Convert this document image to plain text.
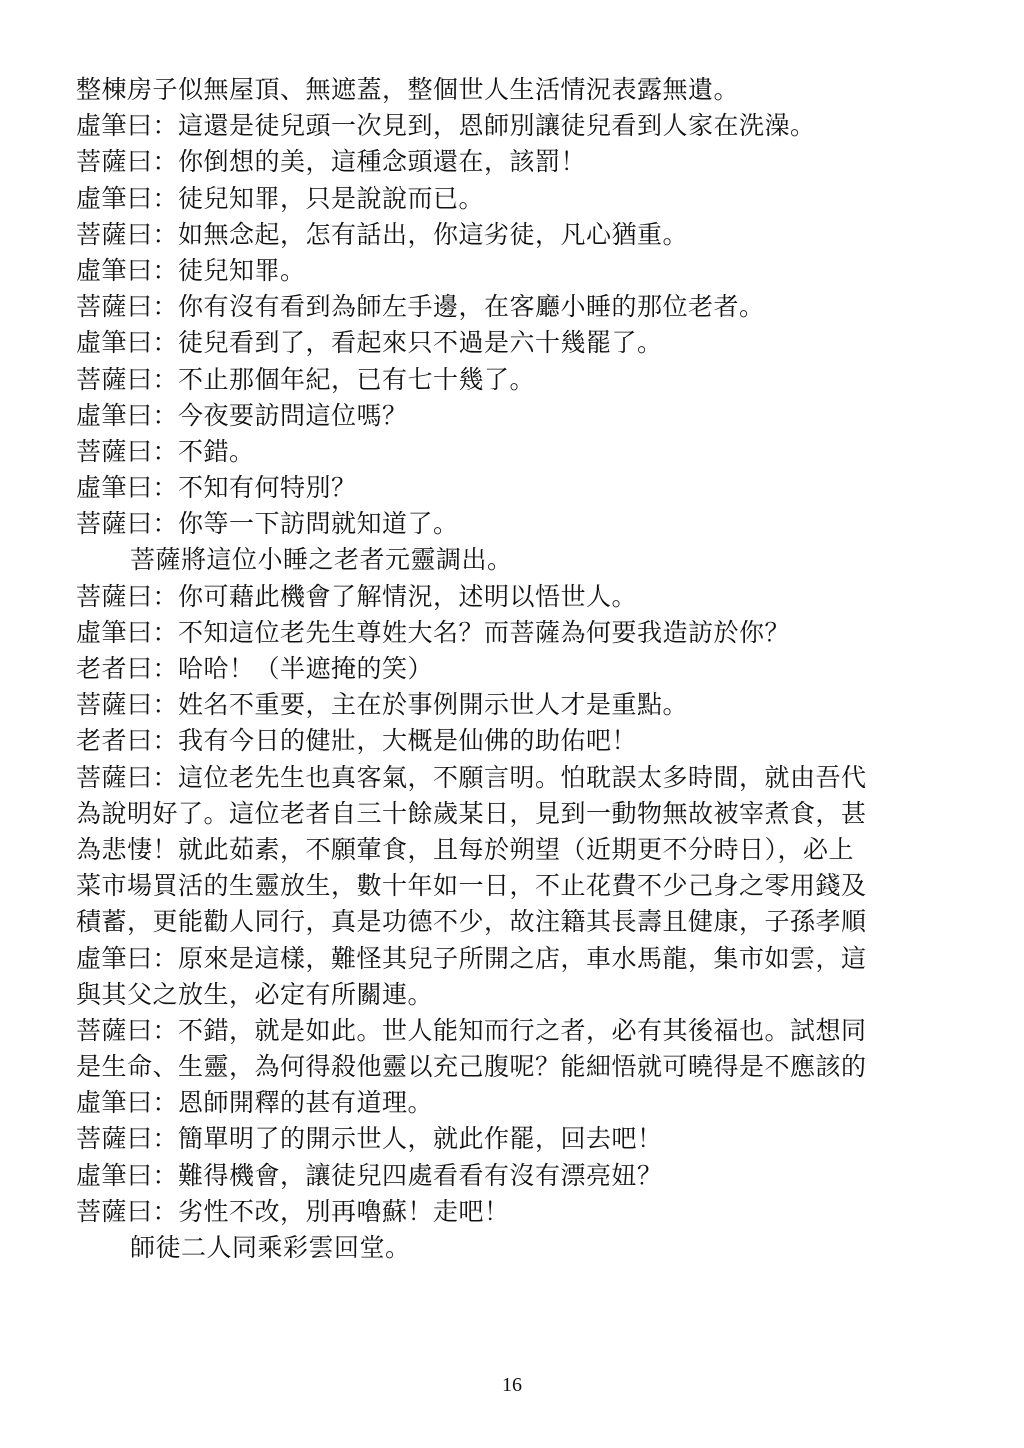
整棟房子似無屋頂、無遮蓋，整個世人生活情況表露無遺。

虛筆曰：這還是徒兒頭一次見到，恩師別讓徒兒看到人家在洗澡。

菩薩曰：你倒想的美，這種念頭還在，該罰！

虛筆曰：徒兒知罪，只是說說而已。

菩薩曰：如無念起，怎有話出，你這劣徒，凡心猶重。

虛筆曰：徒兒知罪。

菩薩曰：你有沒有看到為師左手邊，在客廳小睡的那位老者。

虛筆曰：徒兒看到了，看起來只不過是六十幾罷了。

菩薩曰：不止那個年紀，已有七十幾了。

虛筆曰：今夜要訪問這位嗎？

菩薩曰：不錯。

虛筆曰：不知有何特別？

菩薩曰：你等一下訪問就知道了。

菩薩將這位小睡之老者元靈調出。

菩薩曰：你可藉此機會了解情況，述明以悟世人。

虛筆曰：不知這位老先生尊姓大名？而菩薩為何要我造訪於你？

老者曰：哈哈！（半遮掩的笑）

菩薩曰：姓名不重要，主在於事例開示世人才是重點。

老者曰：我有今日的健壯，大概是仙佛的助佑吧！

菩薩曰：這位老先生也真客氣，不願言明。怕耽誤太多時間，就由吾代

為說明好了。這位老者自三十餘歲某日，見到一動物無故被宰煮食，甚

為悲悽！就此茹素，不願葷食，且每於朔望（近期更不分時日），必上

菜市場買活的生靈放生，數十年如一日，不止花費不少己身之零用錢及

積蓄，更能勸人同行，真是功德不少，故注籍其長壽且健康，子孫孝順

虛筆曰：原來是這樣，難怪其兒子所開之店，車水馬龍，集市如雲，這

與其父之放生，必定有所關連。

菩薩曰：不錯，就是如此。世人能知而行之者，必有其後福也。試想同

是生命、生靈，為何得殺他靈以充己腹呢？能細悟就可曉得是不應該的

虛筆曰：恩師開釋的甚有道理。

菩薩曰：簡單明了的開示世人，就此作罷，回去吧！

虛筆曰：難得機會，讓徒兒四處看看有沒有漂亮妞？

菩薩曰：劣性不改，別再嚕蘇！走吧！

師徒二人同乘彩雲回堂。

16
